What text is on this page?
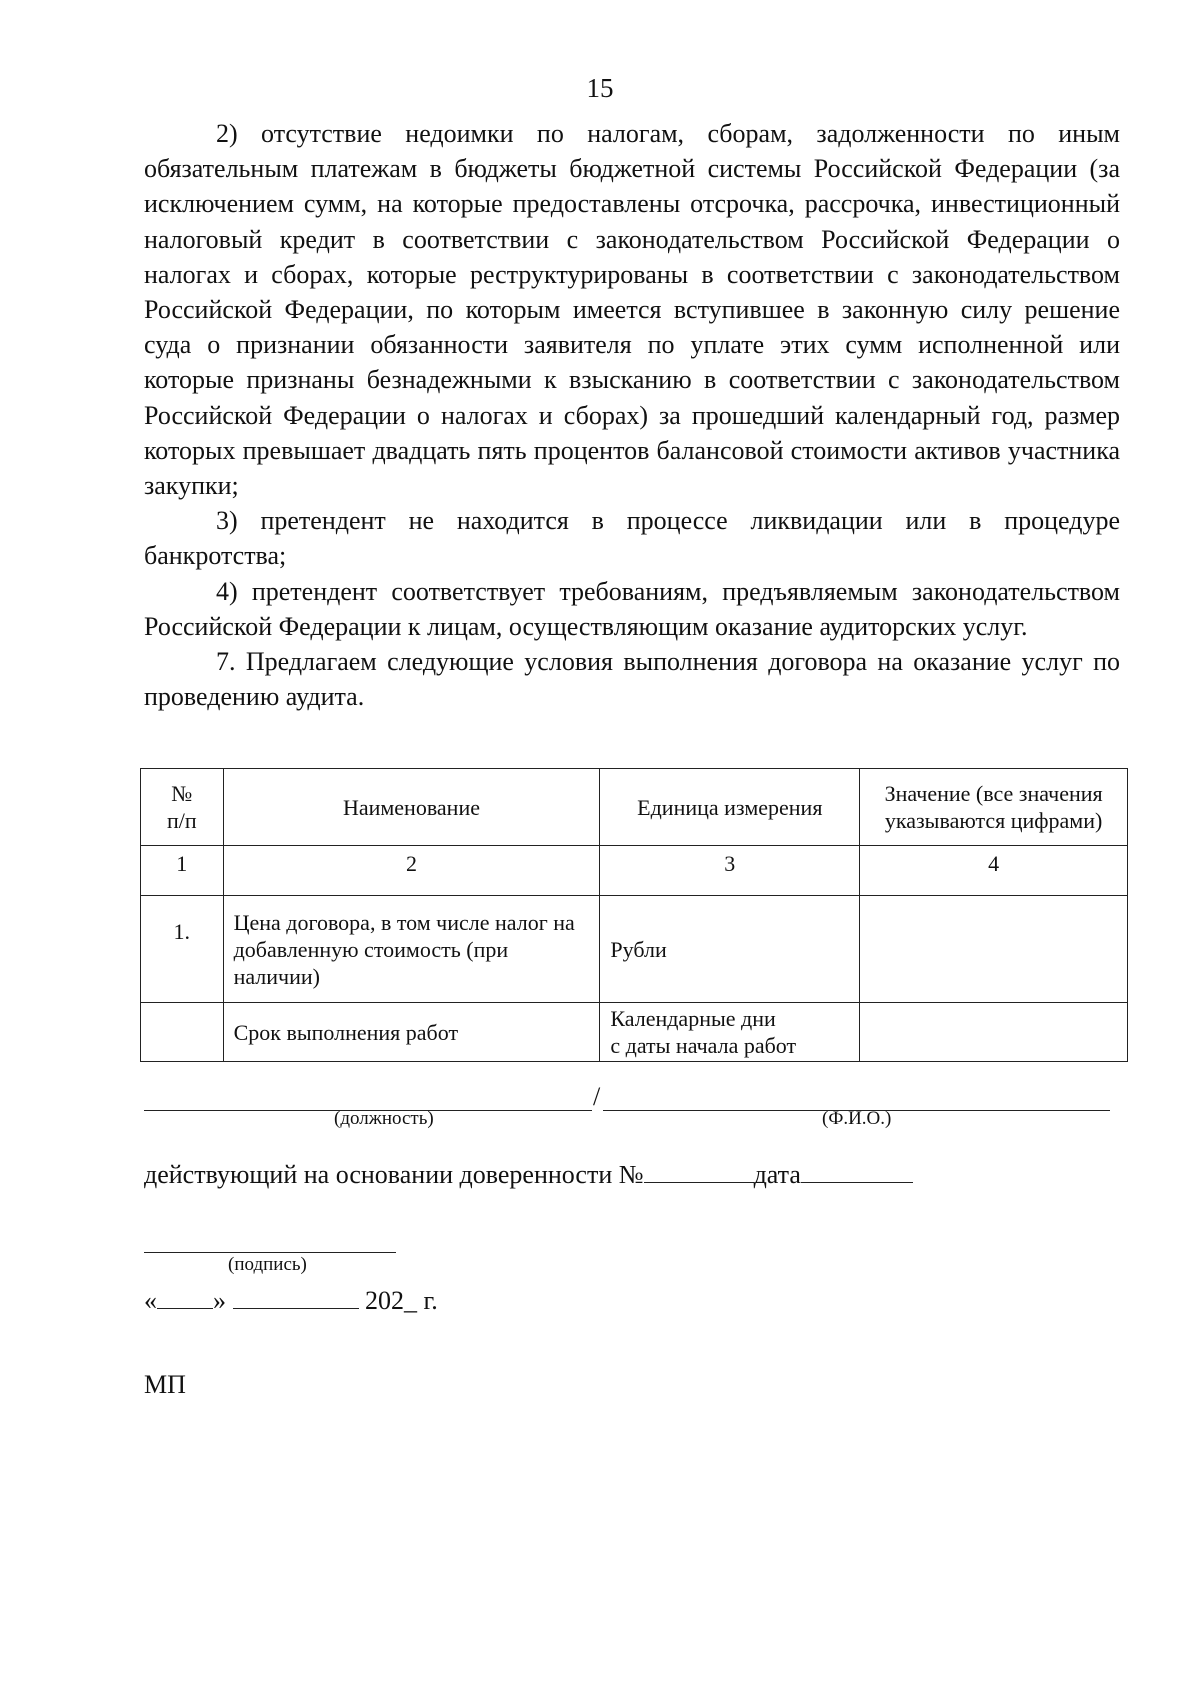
15

2) отсутствие недоимки по налогам, сборам, задолженности по иным обязательным платежам в бюджеты бюджетной системы Российской Федерации (за исключением сумм, на которые предоставлены отсрочка, рассрочка, инвестиционный налоговый кредит в соответствии с законодательством Российской Федерации о налогах и сборах, которые реструктурированы в соответствии с законодательством Российской Федерации, по которым имеется вступившее в законную силу решение суда о признании обязанности заявителя по уплате этих сумм исполненной или которые признаны безнадежными к взысканию в соответствии с законодательством Российской Федерации о налогах и сборах) за прошедший календарный год, размер которых превышает двадцать пять процентов балансовой стоимости активов участника закупки;

3) претендент не находится в процессе ликвидации или в процедуре банкротства;

4) претендент соответствует требованиям, предъявляемым законодательством Российской Федерации к лицам, осуществляющим оказание аудиторских услуг.

7. Предлагаем следующие условия выполнения договора на оказание услуг по проведению аудита.

№
п/п	Наименование	Единица измерения	Значение (все значения указываются цифрами)
1	2	3	4
1.	Цена договора, в том числе налог на добавленную стоимость (при наличии)	Рубли	
	Срок выполнения работ	Календарные дни
с даты начала работ	
/
(должность)	(Ф.И.О.)
действующий на основании доверенности №	дата
(подпись)
« »	202_ г.
МП
